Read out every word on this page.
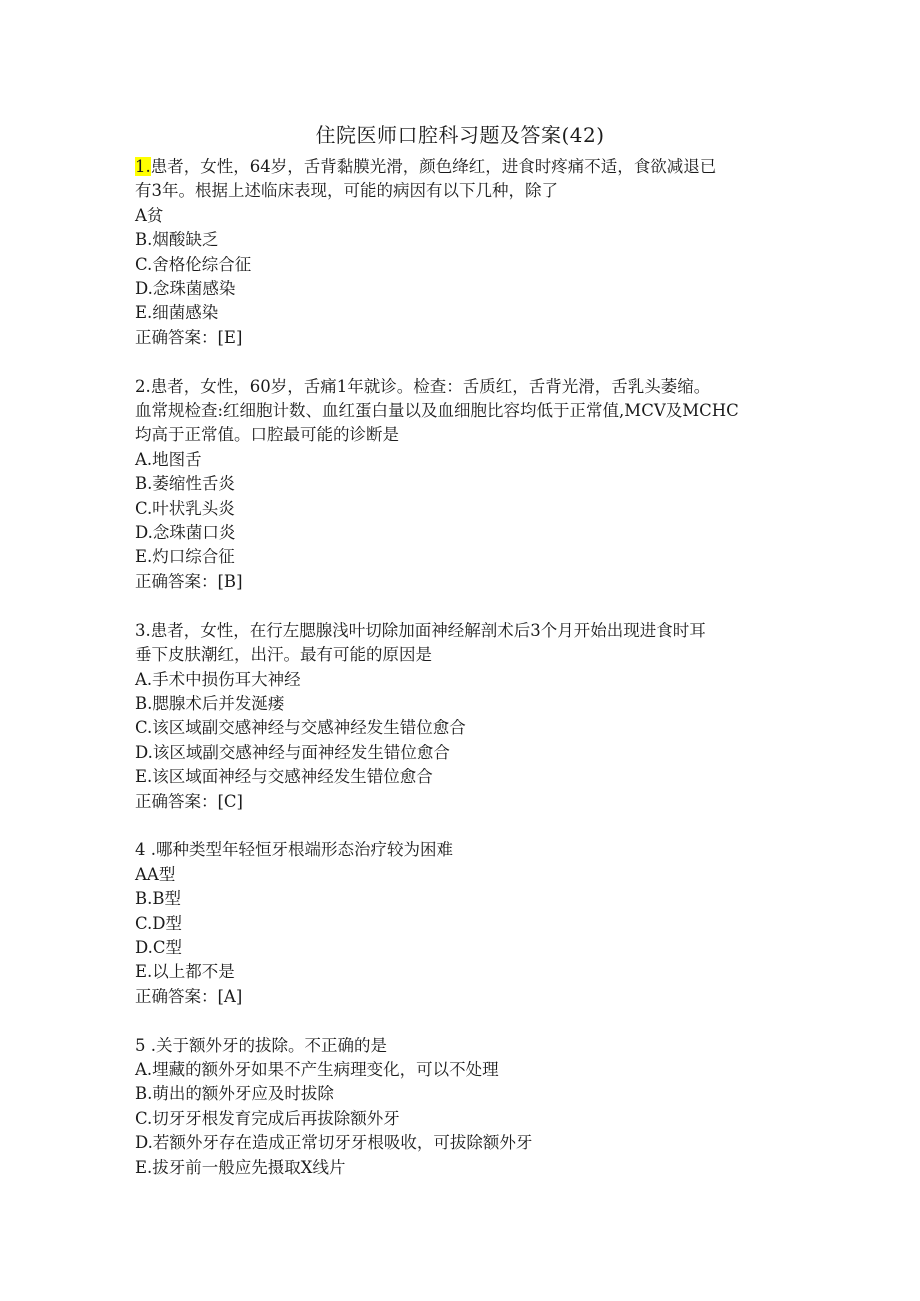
住院医师口腔科习题及答案(42)
1.患者，女性，64岁，舌背黏膜光滑，颜色绛红，进食时疼痛不适，食欲减退已
有3年。根据上述临床表现，可能的病因有以下几种，除了
A贫
B.烟酸缺乏
C.舍格伦综合征
D.念珠菌感染
E.细菌感染
正确答案：[E]
2.患者，女性，60岁，舌痛1年就诊。检查：舌质红，舌背光滑，舌乳头萎缩。
血常规检查:红细胞计数、血红蛋白量以及血细胞比容均低于正常值,MCV及MCHC
均高于正常值。口腔最可能的诊断是
A.地图舌
B.萎缩性舌炎
C.叶状乳头炎
D.念珠菌口炎
E.灼口综合征
正确答案：[B]
3.患者，女性，在行左腮腺浅叶切除加面神经解剖术后3个月开始出现进食时耳
垂下皮肤潮红，出汗。最有可能的原因是
A.手术中损伤耳大神经
B.腮腺术后并发涎瘘
C.该区域副交感神经与交感神经发生错位愈合
D.该区域副交感神经与面神经发生错位愈合
E.该区域面神经与交感神经发生错位愈合
正确答案：[C]
4 .哪种类型年轻恒牙根端形态治疗较为困难
AA型
B.B型
C.D型
D.C型
E.以上都不是
正确答案：[A]
5 .关于额外牙的拔除。不正确的是
A.埋藏的额外牙如果不产生病理变化，可以不处理
B.萌出的额外牙应及时拔除
C.切牙牙根发育完成后再拔除额外牙
D.若额外牙存在造成正常切牙牙根吸收，可拔除额外牙
E.拔牙前一般应先摄取X线片
